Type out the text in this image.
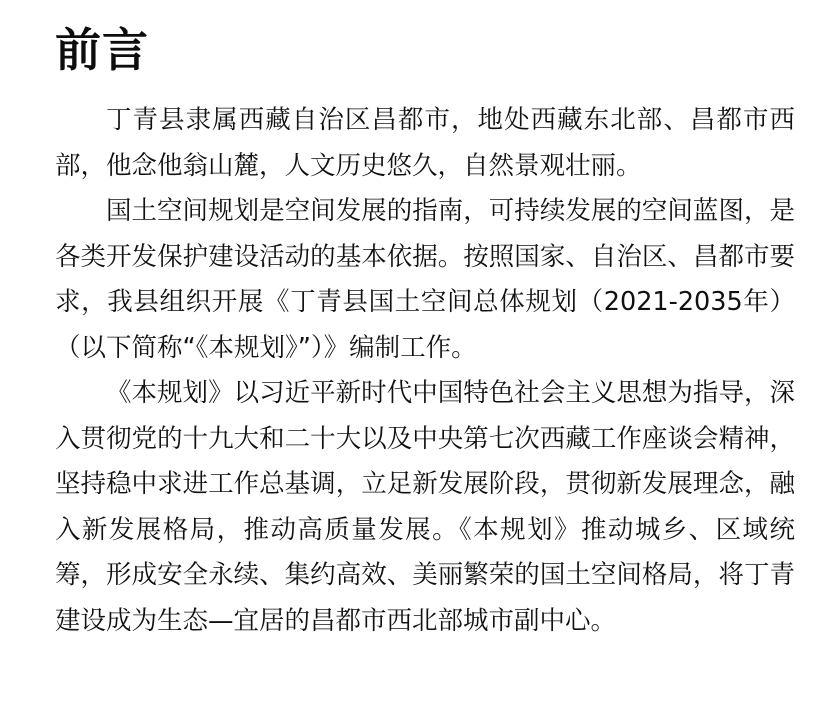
前言

丁青县隶属西藏自治区昌都市，地处西藏东北部、昌都市西部，他念他翁山麓，人文历史悠久，自然景观壮丽。

国土空间规划是空间发展的指南，可持续发展的空间蓝图，是各类开发保护建设活动的基本依据。按照国家、自治区、昌都市要求，我县组织开展《丁青县国土空间总体规划（2021-2035年）（以下简称“《本规划》”）》编制工作。

《本规划》以习近平新时代中国特色社会主义思想为指导，深入贯彻党的十九大和二十大以及中央第七次西藏工作座谈会精神，坚持稳中求进工作总基调，立足新发展阶段，贯彻新发展理念，融入新发展格局，推动高质量发展。《本规划》推动城乡、区域统筹，形成安全永续、集约高效、美丽繁荣的国土空间格局，将丁青建设成为生态—宜居的昌都市西北部城市副中心。
